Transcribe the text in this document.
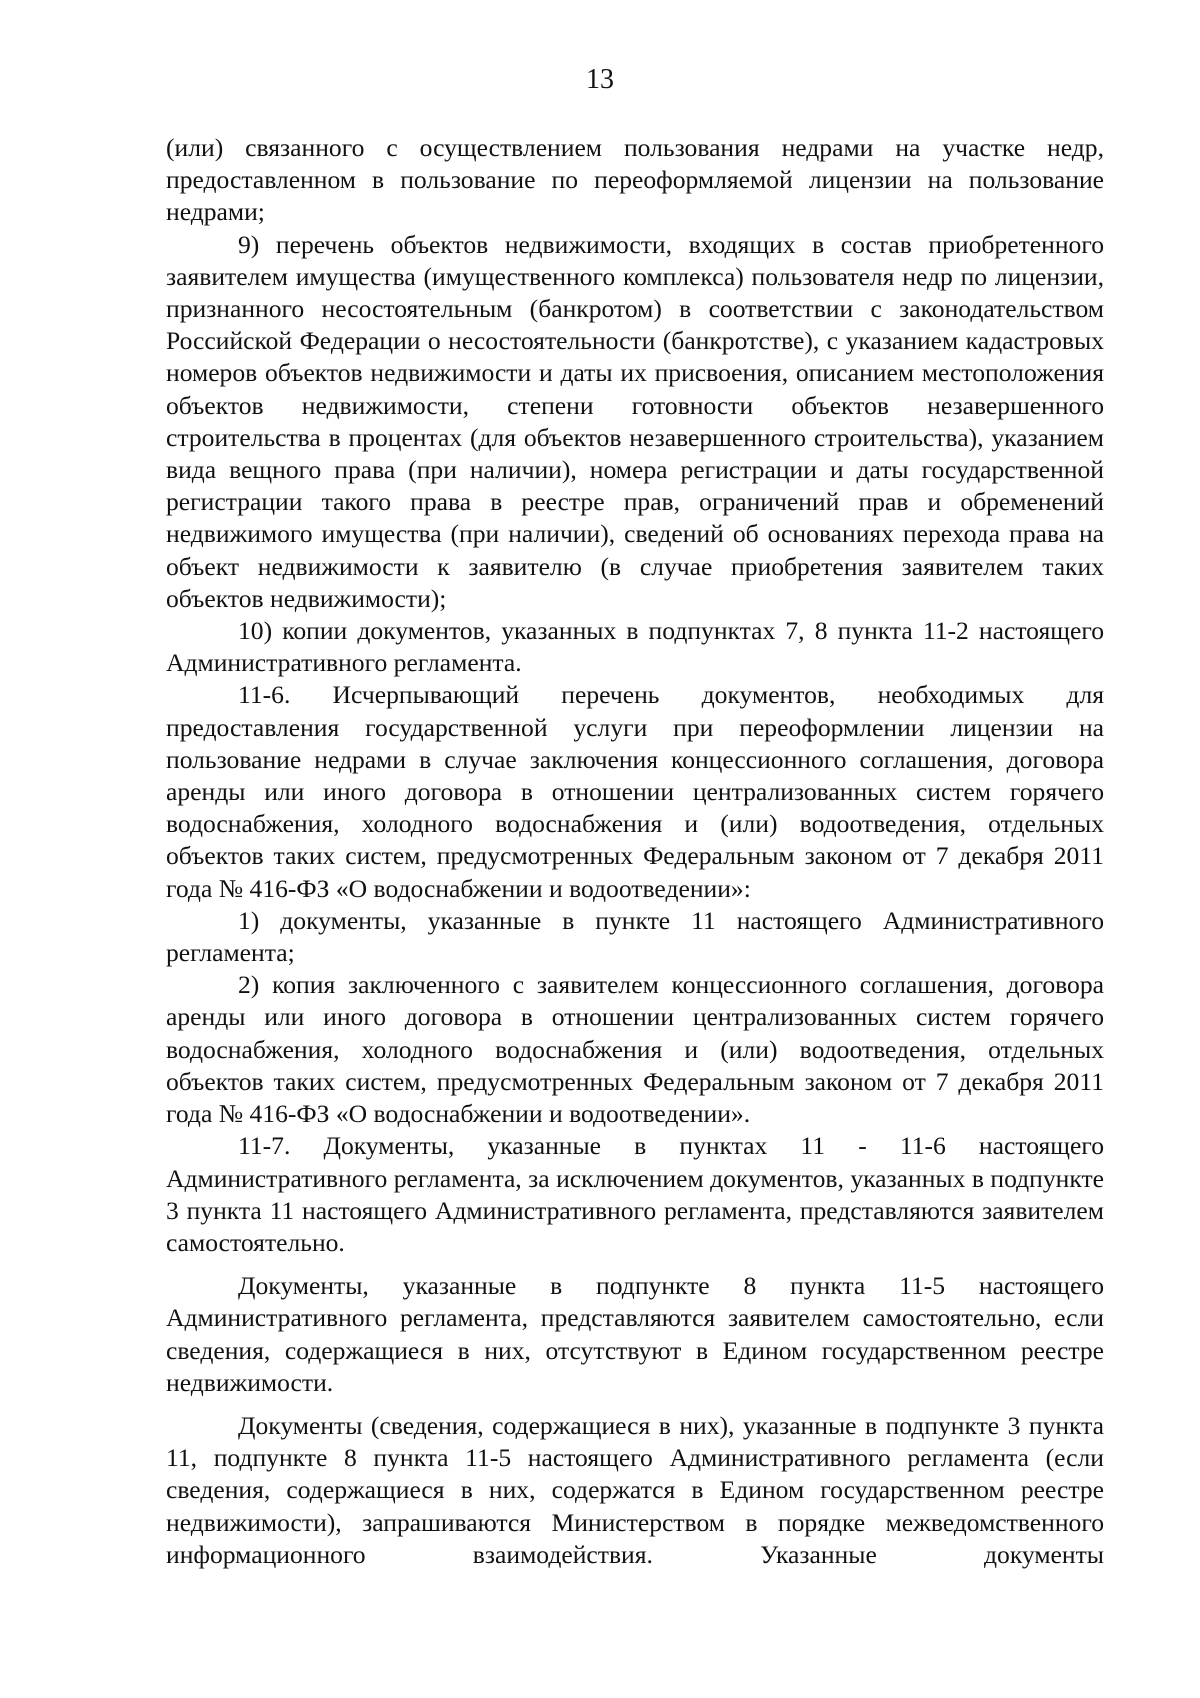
13

(или) связанного с осуществлением пользования недрами на участке недр, предоставленном в пользование по переоформляемой лицензии на пользование недрами;

9) перечень объектов недвижимости, входящих в состав приобретенного заявителем имущества (имущественного комплекса) пользователя недр по лицензии, признанного несостоятельным (банкротом) в соответствии с законодательством Российской Федерации о несостоятельности (банкротстве), с указанием кадастровых номеров объектов недвижимости и даты их присвоения, описанием местоположения объектов недвижимости, степени готовности объектов незавершенного строительства в процентах (для объектов незавершенного строительства), указанием вида вещного права (при наличии), номера регистрации и даты государственной регистрации такого права в реестре прав, ограничений прав и обременений недвижимого имущества (при наличии), сведений об основаниях перехода права на объект недвижимости к заявителю (в случае приобретения заявителем таких объектов недвижимости);

10) копии документов, указанных в подпунктах 7, 8 пункта 11-2 настоящего Административного регламента.

11-6. Исчерпывающий перечень документов, необходимых для предоставления государственной услуги при переоформлении лицензии на пользование недрами в случае заключения концессионного соглашения, договора аренды или иного договора в отношении централизованных систем горячего водоснабжения, холодного водоснабжения и (или) водоотведения, отдельных объектов таких систем, предусмотренных Федеральным законом от 7 декабря 2011 года № 416-ФЗ «О водоснабжении и водоотведении»:

1) документы, указанные в пункте 11 настоящего Административного регламента;

2) копия заключенного с заявителем концессионного соглашения, договора аренды или иного договора в отношении централизованных систем горячего водоснабжения, холодного водоснабжения и (или) водоотведения, отдельных объектов таких систем, предусмотренных Федеральным законом от 7 декабря 2011 года № 416-ФЗ «О водоснабжении и водоотведении».

11-7. Документы, указанные в пунктах 11 - 11-6 настоящего Административного регламента, за исключением документов, указанных в подпункте 3 пункта 11 настоящего Административного регламента, представляются заявителем самостоятельно.

Документы, указанные в подпункте 8 пункта 11-5 настоящего Административного регламента, представляются заявителем самостоятельно, если сведения, содержащиеся в них, отсутствуют в Едином государственном реестре недвижимости.

Документы (сведения, содержащиеся в них), указанные в подпункте 3 пункта 11, подпункте 8 пункта 11-5 настоящего Административного регламента (если сведения, содержащиеся в них, содержатся в Едином государственном реестре недвижимости), запрашиваются Министерством в порядке межведомственного информационного взаимодействия. Указанные документы
